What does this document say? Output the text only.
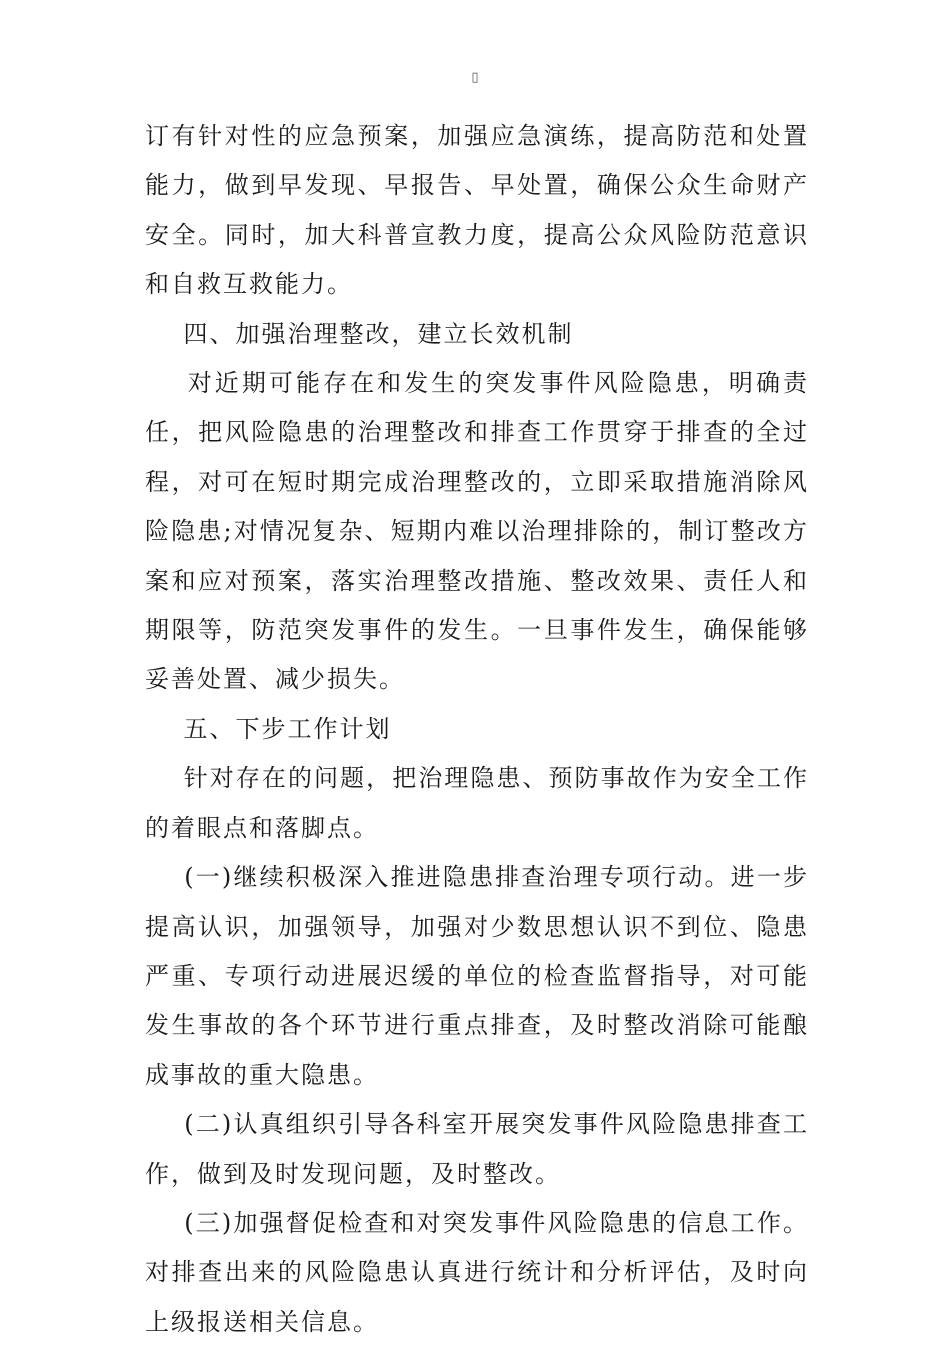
▯

订有针对性的应急预案，加强应急演练，提高防范和处置能力，做到早发现、早报告、早处置，确保公众生命财产安全。同时，加大科普宣教力度，提高公众风险防范意识和自救互救能力。

四、加强治理整改，建立长效机制

对近期可能存在和发生的突发事件风险隐患，明确责任，把风险隐患的治理整改和排查工作贯穿于排查的全过程，对可在短时期完成治理整改的，立即采取措施消除风险隐患;对情况复杂、短期内难以治理排除的，制订整改方案和应对预案，落实治理整改措施、整改效果、责任人和期限等，防范突发事件的发生。一旦事件发生，确保能够妥善处置、减少损失。

五、下步工作计划

针对存在的问题，把治理隐患、预防事故作为安全工作的着眼点和落脚点。

(一)继续积极深入推进隐患排查治理专项行动。进一步提高认识，加强领导，加强对少数思想认识不到位、隐患严重、专项行动进展迟缓的单位的检查监督指导，对可能发生事故的各个环节进行重点排查，及时整改消除可能酿成事故的重大隐患。

(二)认真组织引导各科室开展突发事件风险隐患排查工作，做到及时发现问题，及时整改。

(三)加强督促检查和对突发事件风险隐患的信息工作。对排查出来的风险隐患认真进行统计和分析评估，及时向上级报送相关信息。
